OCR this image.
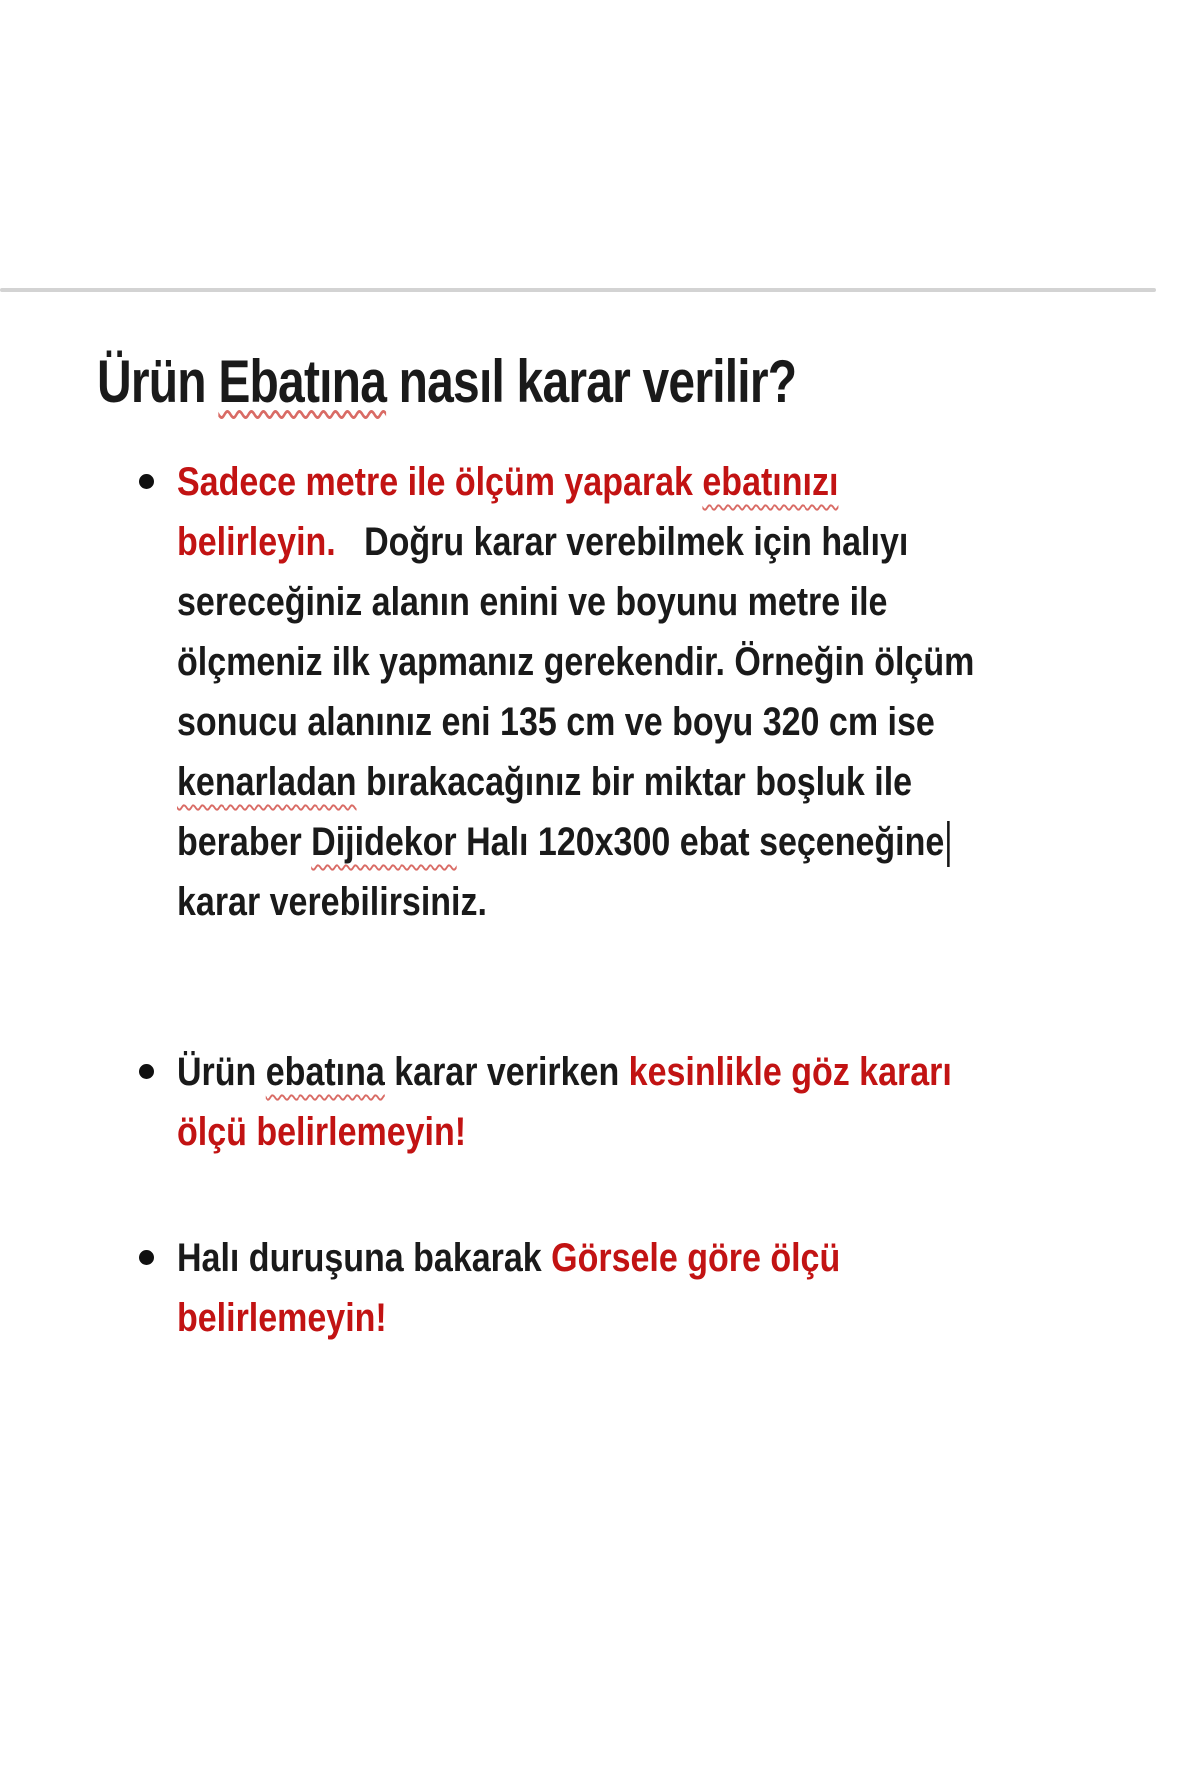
Ürün Ebatına nasıl karar verilir?
Sadece metre ile ölçüm yaparak ebatınızı
belirleyin.   Doğru karar verebilmek için halıyı
sereceğiniz alanın enini ve boyunu metre ile
ölçmeniz ilk yapmanız gerekendir. Örneğin ölçüm
sonucu alanınız eni 135 cm ve boyu 320 cm ise
kenarladan bırakacağınız bir miktar boşluk ile
beraber Dijidekor Halı 120x300 ebat seçeneğine
karar verebilirsiniz.
Ürün ebatına karar verirken kesinlikle göz kararı
ölçü belirlemeyin!
Halı duruşuna bakarak Görsele göre ölçü
belirlemeyin!
